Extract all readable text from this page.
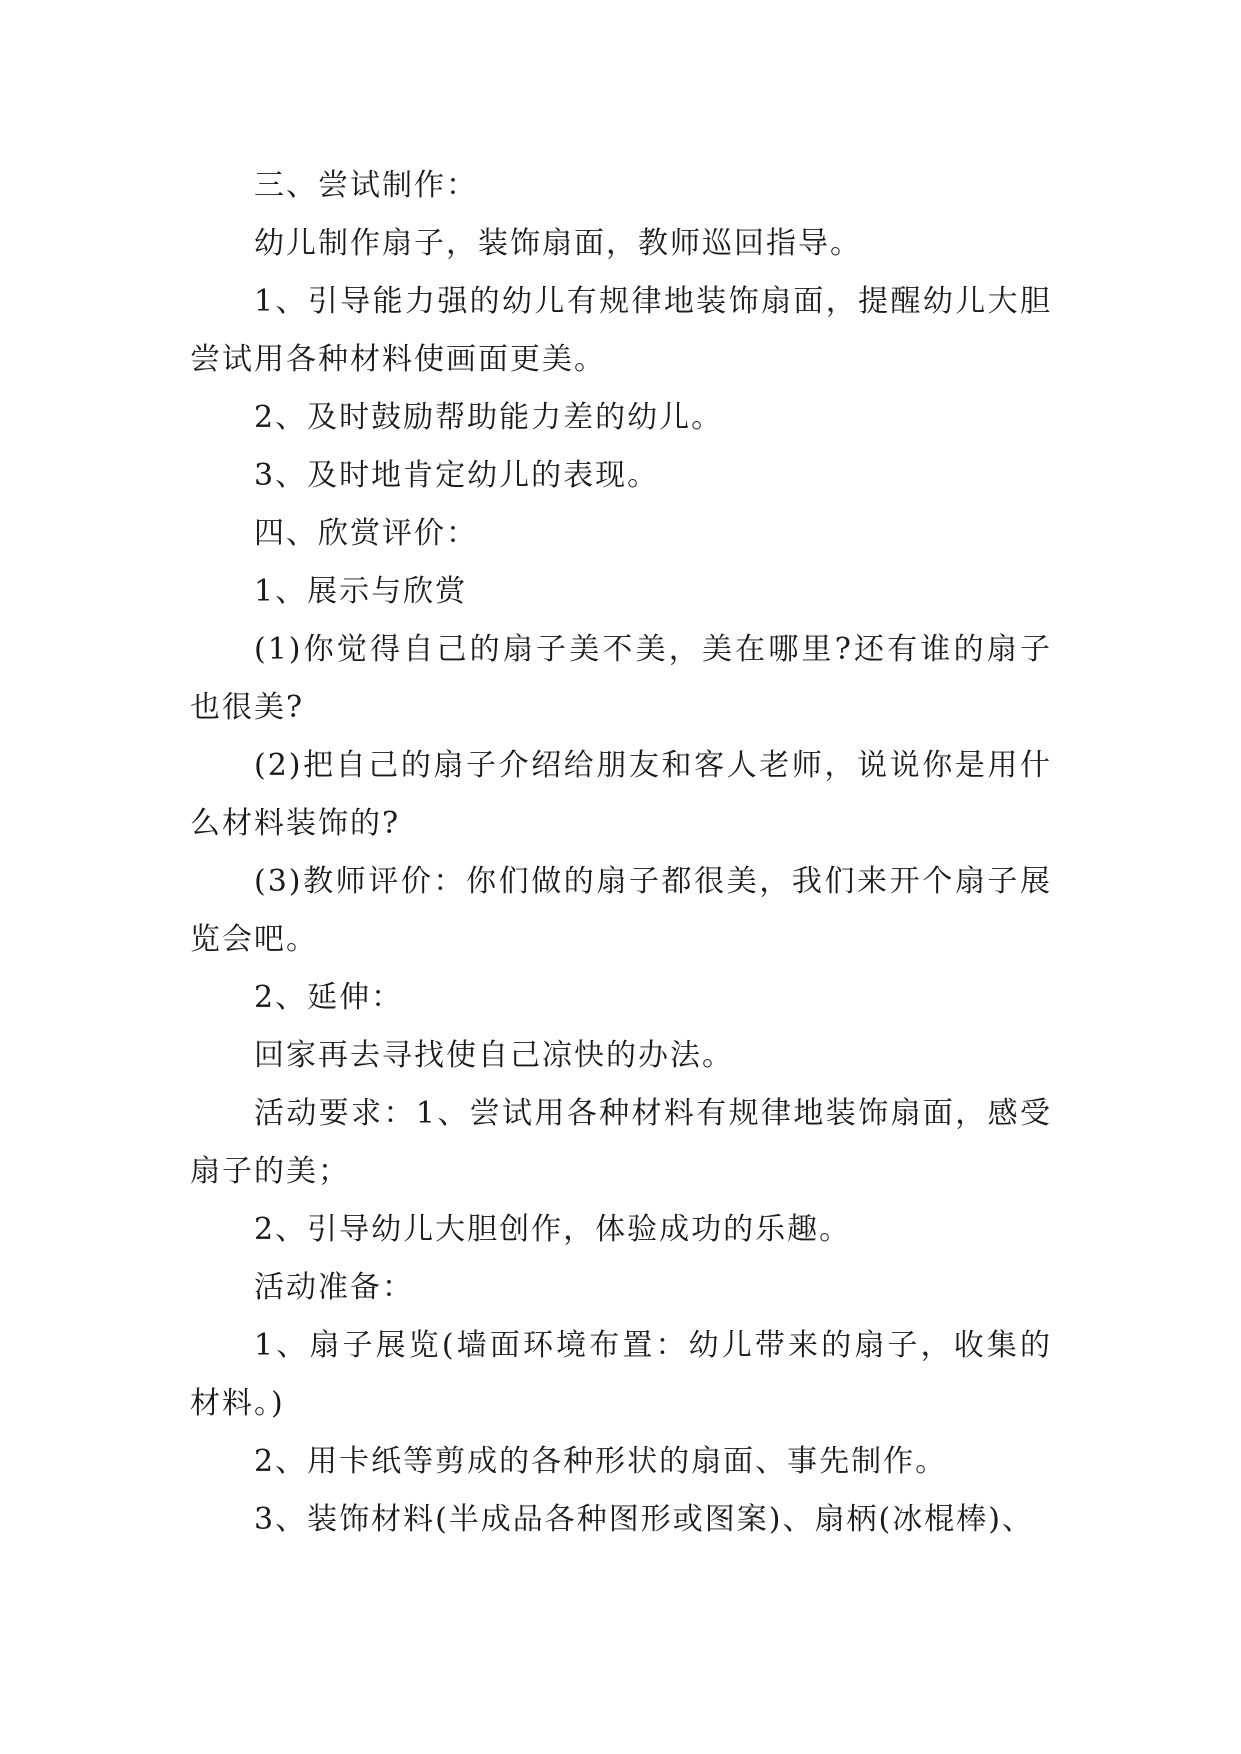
三、尝试制作：

幼儿制作扇子，装饰扇面，教师巡回指导。

1、引导能力强的幼儿有规律地装饰扇面，提醒幼儿大胆尝试用各种材料使画面更美。

2、及时鼓励帮助能力差的幼儿。

3、及时地肯定幼儿的表现。

四、欣赏评价：

1、展示与欣赏

(1)你觉得自己的扇子美不美，美在哪里?还有谁的扇子也很美?

(2)把自己的扇子介绍给朋友和客人老师，说说你是用什么材料装饰的?

(3)教师评价：你们做的扇子都很美，我们来开个扇子展览会吧。

2、延伸：

回家再去寻找使自己凉快的办法。

活动要求：1、尝试用各种材料有规律地装饰扇面，感受扇子的美；

2、引导幼儿大胆创作，体验成功的乐趣。

活动准备：

1、扇子展览(墙面环境布置：幼儿带来的扇子，收集的材料。)

2、用卡纸等剪成的各种形状的扇面、事先制作。

3、装饰材料(半成品各种图形或图案)、扇柄(冰棍棒)、
